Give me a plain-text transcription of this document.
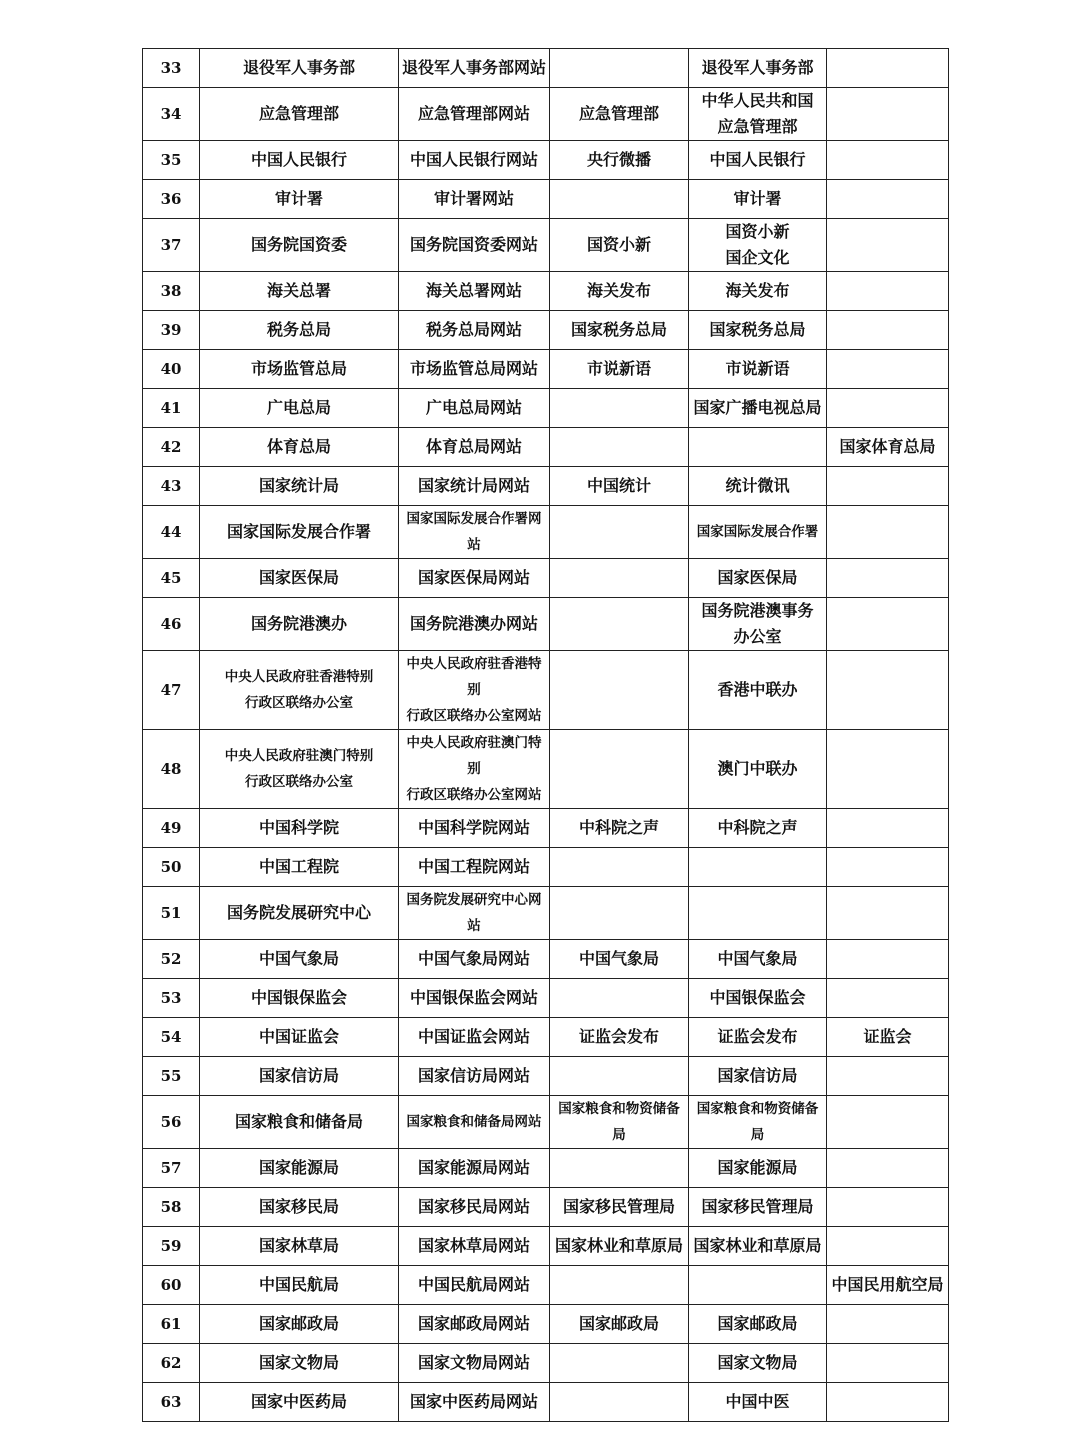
33	退役军人事务部	退役军人事务部网站		退役军人事务部	
34	应急管理部	应急管理部网站	应急管理部	中华人民共和国
应急管理部	
35	中国人民银行	中国人民银行网站	央行微播	中国人民银行	
36	审计署	审计署网站		审计署	
37	国务院国资委	国务院国资委网站	国资小新	国资小新
国企文化	
38	海关总署	海关总署网站	海关发布	海关发布	
39	税务总局	税务总局网站	国家税务总局	国家税务总局	
40	市场监管总局	市场监管总局网站	市说新语	市说新语	
41	广电总局	广电总局网站		国家广播电视总局	
42	体育总局	体育总局网站			国家体育总局
43	国家统计局	国家统计局网站	中国统计	统计微讯	
44	国家国际发展合作署	国家国际发展合作署网站		国家国际发展合作署	
45	国家医保局	国家医保局网站		国家医保局	
46	国务院港澳办	国务院港澳办网站		国务院港澳事务
办公室	
47	中央人民政府驻香港特别
行政区联络办公室	中央人民政府驻香港特别
行政区联络办公室网站		香港中联办	
48	中央人民政府驻澳门特别
行政区联络办公室	中央人民政府驻澳门特别
行政区联络办公室网站		澳门中联办	
49	中国科学院	中国科学院网站	中科院之声	中科院之声	
50	中国工程院	中国工程院网站			
51	国务院发展研究中心	国务院发展研究中心网站			
52	中国气象局	中国气象局网站	中国气象局	中国气象局	
53	中国银保监会	中国银保监会网站		中国银保监会	
54	中国证监会	中国证监会网站	证监会发布	证监会发布	证监会
55	国家信访局	国家信访局网站		国家信访局	
56	国家粮食和储备局	国家粮食和储备局网站	国家粮食和物资储备局	国家粮食和物资储备局	
57	国家能源局	国家能源局网站		国家能源局	
58	国家移民局	国家移民局网站	国家移民管理局	国家移民管理局	
59	国家林草局	国家林草局网站	国家林业和草原局	国家林业和草原局	
60	中国民航局	中国民航局网站			中国民用航空局
61	国家邮政局	国家邮政局网站	国家邮政局	国家邮政局	
62	国家文物局	国家文物局网站		国家文物局	
63	国家中医药局	国家中医药局网站		中国中医	
